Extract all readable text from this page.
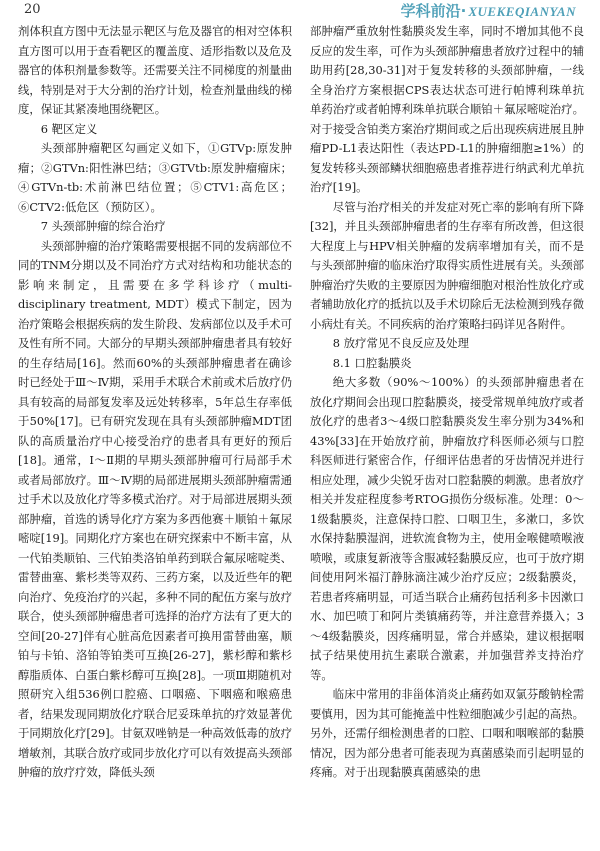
20	学科前沿· XUEKEQIANYAN

剂体积直方图中无法显示靶区与危及器官的相对空体积直方图可以用于查看靶区的覆盖度、适形指数以及危及器官的体积剂量参数等。还需要关注不同梯度的剂量曲线，特别是对于大分割的治疗计划，检查剂量曲线的梯度，保证其紧凑地围绕靶区。

6 靶区定义

头颈部肿瘤靶区勾画定义如下，①GTVp:原发肿瘤；②GTVn:阳性淋巴结；③GTVtb:原发肿瘤瘤床；④GTVn-tb:术前淋巴结位置；⑤CTV1:高危区；⑥CTV2:低危区（预防区）。

7 头颈部肿瘤的综合治疗

头颈部肿瘤的治疗策略需要根据不同的发病部位不同的TNM分期以及不同治疗方式对结构和功能状态的影响来制定，且需要在多学科诊疗（multi-disciplinary treatment, MDT）模式下制定，因为治疗策略会根据疾病的发生阶段、发病部位以及手术可及性有所不同。大部分的早期头颈部肿瘤患者具有较好的生存结局[16]。然而60%的头颈部肿瘤患者在确诊时已经处于Ⅲ～Ⅳ期，采用手术联合术前或术后放疗仍具有较高的局部复发率及远处转移率，5年总生存率低于50%[17]。已有研究发现在具有头颈部肿瘤MDT团队的高质量治疗中心接受治疗的患者具有更好的预后[18]。通常，Ⅰ～Ⅱ期的早期头颈部肿瘤可行局部手术或者局部放疗。Ⅲ～Ⅳ期的局部进展期头颈部肿瘤需通过手术以及放化疗等多模式治疗。对于局部进展期头颈部肿瘤，首选的诱导化疗方案为多西他赛＋顺铂＋氟尿嘧啶[19]。同期化疗方案也在研究探索中不断丰富，从一代铂类顺铂、三代铂类洛铂单药到联合氟尿嘧啶类、雷替曲塞、紫杉类等双药、三药方案，以及近些年的靶向治疗、免疫治疗的兴起，多种不同的配伍方案与放疗联合，使头颈部肿瘤患者可选择的治疗方法有了更大的空间[20-27]伴有心脏高危因素者可换用雷替曲塞，顺铂与卡铂、洛铂等铂类可互换[26-27]，紫杉醇和紫杉醇脂质体、白蛋白紫杉醇可互换[28]。一项Ⅲ期随机对照研究入组536例口腔癌、口咽癌、下咽癌和喉癌患者，结果发现同期放化疗联合尼妥珠单抗的疗效显著优于同期放化疗[29]。甘氨双唑钠是一种高效低毒的放疗增敏剂，其联合放疗或同步放化疗可以有效提高头颈部肿瘤的放疗疗效，降低头颈

部肿瘤严重放射性黏膜炎发生率，同时不增加其他不良反应的发生率，可作为头颈部肿瘤患者放疗过程中的辅助用药[28,30-31]对于复发转移的头颈部肿瘤，一线全身治疗方案根据CPS表达状态可进行帕博利珠单抗单药治疗或者帕博利珠单抗联合顺铂＋氟尿嘧啶治疗。对于接受含铂类方案治疗期间或之后出现疾病进展且肿瘤PD-L1表达阳性（表达PD-L1的肿瘤细胞≥1%）的复发转移头颈部鳞状细胞癌患者推荐进行纳武利尤单抗治疗[19]。

尽管与治疗相关的并发症对死亡率的影响有所下降[32]，并且头颈部肿瘤患者的生存率有所改善，但这很大程度上与HPV相关肿瘤的发病率增加有关，而不是与头颈部肿瘤的临床治疗取得实质性进展有关。头颈部肿瘤治疗失败的主要原因为肿瘤细胞对根治性放化疗或者辅助放化疗的抵抗以及手术切除后无法检测到残存微小病灶有关。不同疾病的治疗策略扫码详见各附件。

8 放疗常见不良反应及处理
8.1 口腔黏膜炎

绝大多数（90%～100%）的头颈部肿瘤患者在放化疗期间会出现口腔黏膜炎，接受常规单纯放疗或者放化疗的患者3～4级口腔黏膜炎发生率分别为34%和43%[33]在开始放疗前，肿瘤放疗科医师必须与口腔科医师进行紧密合作，仔细评估患者的牙齿情况并进行相应处理，减少尖锐牙齿对口腔黏膜的刺激。患者放疗相关并发症程度参考RTOG损伤分级标准。处理：0～1级黏膜炎，注意保持口腔、口咽卫生，多漱口，多饮水保持黏膜湿润，进软流食物为主，使用金喉健喷喉液喷喉，或康复新液等含服减轻黏膜反应，也可于放疗期间使用阿米福汀静脉滴注减少治疗反应；2级黏膜炎，若患者疼痛明显，可适当联合止痛药包括利多卡因漱口水、加巴喷丁和阿片类镇痛药等，并注意营养摄入；3～4级黏膜炎，因疼痛明显，常合并感染，建议根据咽拭子结果使用抗生素联合激素，并加强营养支持治疗等。

临床中常用的非甾体消炎止痛药如双氯芬酸钠栓需要慎用，因为其可能掩盖中性粒细胞减少引起的高热。另外，还需仔细检测患者的口腔、口咽和咽喉部的黏膜情况，因为部分患者可能表现为真菌感染而引起明显的疼痛。对于出现黏膜真菌感染的患
